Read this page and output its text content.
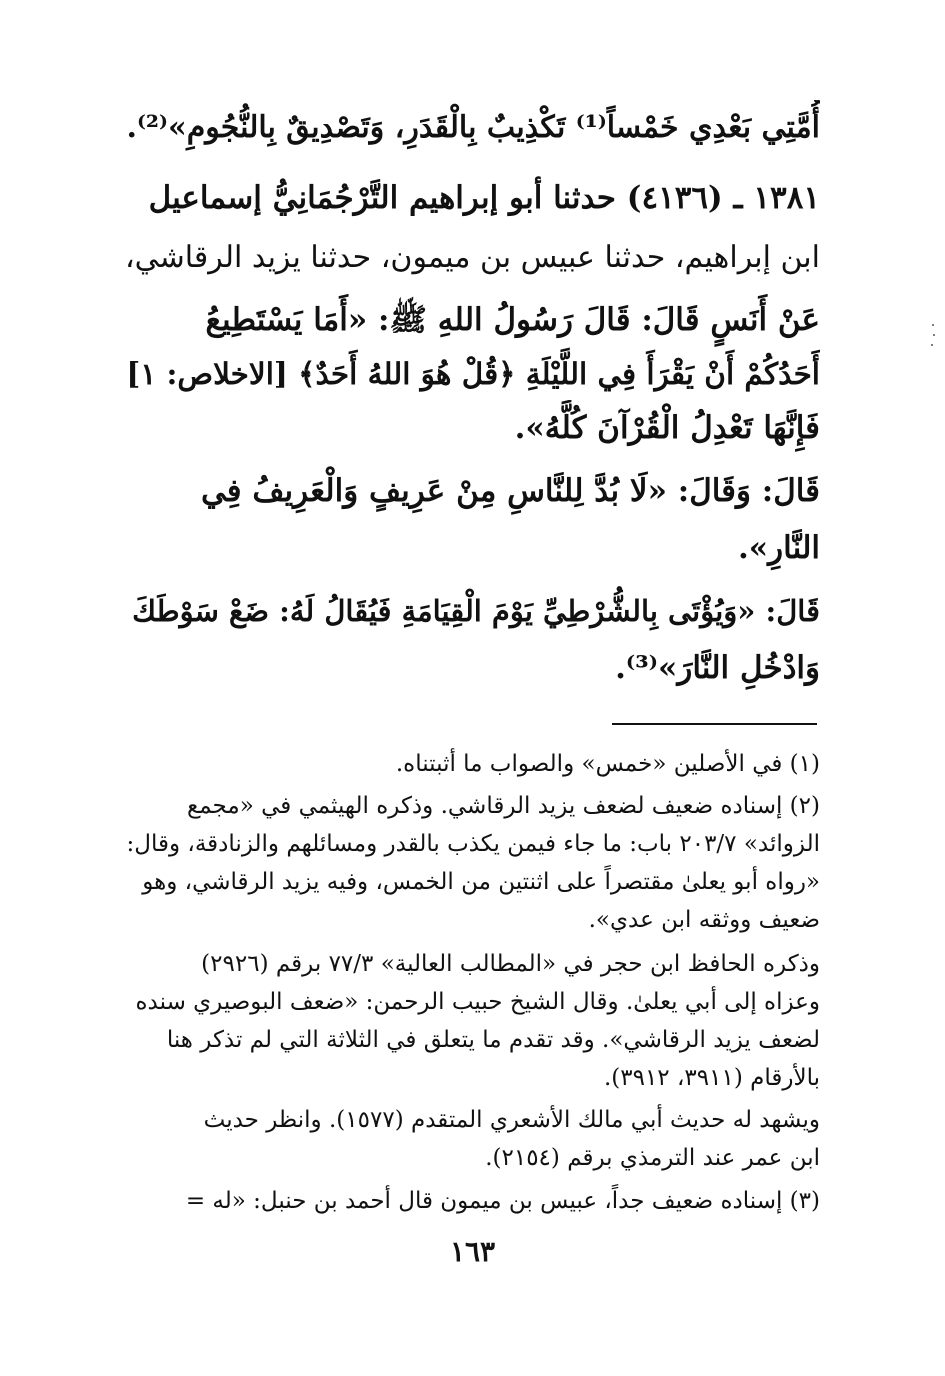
أُمَّتِي بَعْدِي خَمْساً⁽¹⁾ تَكْذِيبٌ بِالْقَدَرِ، وَتَصْدِيقٌ بِالنُّجُومِ»⁽²⁾.
١٣٨١ ـ (٤١٣٦) حدثنا أبو إبراهيم التَّرْجُمَانِيُّ إسماعيل
ابن إبراهيم، حدثنا عبيس بن ميمون، حدثنا يزيد الرقاشي،
عَنْ أَنَسٍ قَالَ: قَالَ رَسُولُ اللهِ ﷺ: «أَمَا يَسْتَطِيعُ
أَحَدُكُمْ أَنْ يَقْرَأَ فِي اللَّيْلَةِ ﴿قُلْ هُوَ اللهُ أَحَدٌ﴾ [الاخلاص: ١]
فَإِنَّهَا تَعْدِلُ الْقُرْآنَ كُلَّهُ».
قَالَ: وَقَالَ: «لَا بُدَّ لِلنَّاسِ مِنْ عَرِيفٍ وَالْعَرِيفُ فِي
النَّارِ».
قَالَ: «وَيُؤْتَى بِالشُّرْطِيِّ يَوْمَ الْقِيَامَةِ فَيُقَالُ لَهُ: ضَعْ سَوْطَكَ
وَادْخُلِ النَّارَ»⁽³⁾.
(١) في الأصلين «خمس» والصواب ما أثبتناه.
(٢) إسناده ضعيف لضعف يزيد الرقاشي. وذكره الهيثمي في «مجمع
الزوائد» ٢٠٣/٧ باب: ما جاء فيمن يكذب بالقدر ومسائلهم والزنادقة، وقال:
«رواه أبو يعلىٰ مقتصراً على اثنتين من الخمس، وفيه يزيد الرقاشي، وهو
ضعيف ووثقه ابن عدي».
وذكره الحافظ ابن حجر في «المطالب العالية» ٧٧/٣ برقم (٢٩٢٦)
وعزاه إلى أبي يعلىٰ. وقال الشيخ حبيب الرحمن: «ضعف البوصيري سنده
لضعف يزيد الرقاشي». وقد تقدم ما يتعلق في الثلاثة التي لم تذكر هنا
بالأرقام (٣٩١١، ٣٩١٢).
ويشهد له حديث أبي مالك الأشعري المتقدم (١٥٧٧). وانظر حديث
ابن عمر عند الترمذي برقم (٢١٥٤).
(٣) إسناده ضعيف جداً، عبيس بن ميمون قال أحمد بن حنبل: «له =
١٦٣
